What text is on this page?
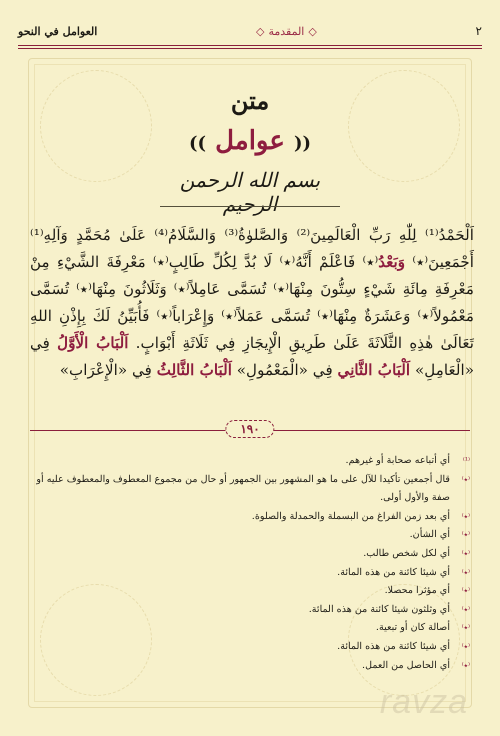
٢
◇
المقدمة
◇
العوامل في النحو
متن
(( عوامل ))
بسم الله الرحمن الرحيم
اَلْحَمْدُ⁽¹⁾ لِلّٰهِ رَبِّ الْعَالَمِينَ⁽²⁾ وَالصَّلوٰةُ⁽³⁾ وَالسَّلَامُ⁽⁴⁾ عَلَىٰ مُحَمَّدٍ وَآلِهِ⁽¹⁾ أَجْمَعِينَ⁽٭⁾ وَبَعْدُ⁽٭⁾ فَاعْلَمْ أَنَّهُ⁽٭⁾ لَا بُدَّ لِكُلِّ طَالِبٍ⁽٭⁾ مَعْرِفَةَ الشَّيْءِ مِنْ مَعْرِفَةِ مِائَةِ شَيْءٍ سِتُّونَ مِنْهَا⁽٭⁾ تُسَمَّى عَامِلاً⁽٭⁾ وَثَلَاثُونَ مِنْهَا⁽٭⁾ تُسَمَّى مَعْمُولاً⁽٭⁾ وَعَشَرَةٌ مِنْهَا⁽٭⁾ تُسَمَّى عَمَلاً⁽٭⁾ وَإِعْرَاباً⁽٭⁾ فَأُبَيِّنُ لَكَ بِإِذْنِ اللهِ تَعَالَىٰ هٰذِهِ الثَّلَاثَةَ عَلَىٰ طَرِيقِ الْإِيجَازِ فِي ثَلَاثَةِ أَبْوَابٍ. اَلْبَابُ الْأَوَّلُ فِي «الْعَامِلِ» اَلْبَابُ الثَّانِي فِي «الْمَعْمُولِ» اَلْبَابُ الثَّالِثُ فِي «الْإِعْرَابِ»
١٩٠
⁽¹⁾
أي أتباعه صحابة أو غيرهم.
⁽٭⁾
قال أجمعين تأكيدا للآل على ما هو المشهور بين الجمهور أو حال من مجموع المعطوف والمعطوف عليه أو صفة والأول أولى.
⁽٭⁾
أي بعد زمن الفراغ من البسملة والحمدلة والصلوة.
⁽٭⁾
أي الشأن.
⁽٭⁾
أي لكل شخص طالب.
⁽٭⁾
أي شيئا كائنة من هذه المائة.
⁽٭⁾
أي مؤثرا محصلا.
⁽٭⁾
أي وثلثون شيئا كائنة من هذه المائة.
⁽٭⁾
أصالة كان أو تبعية.
⁽٭⁾
أي شيئا كائنة من هذه المائة.
⁽٭⁾
أي الحاصل من العمل.
ravza
